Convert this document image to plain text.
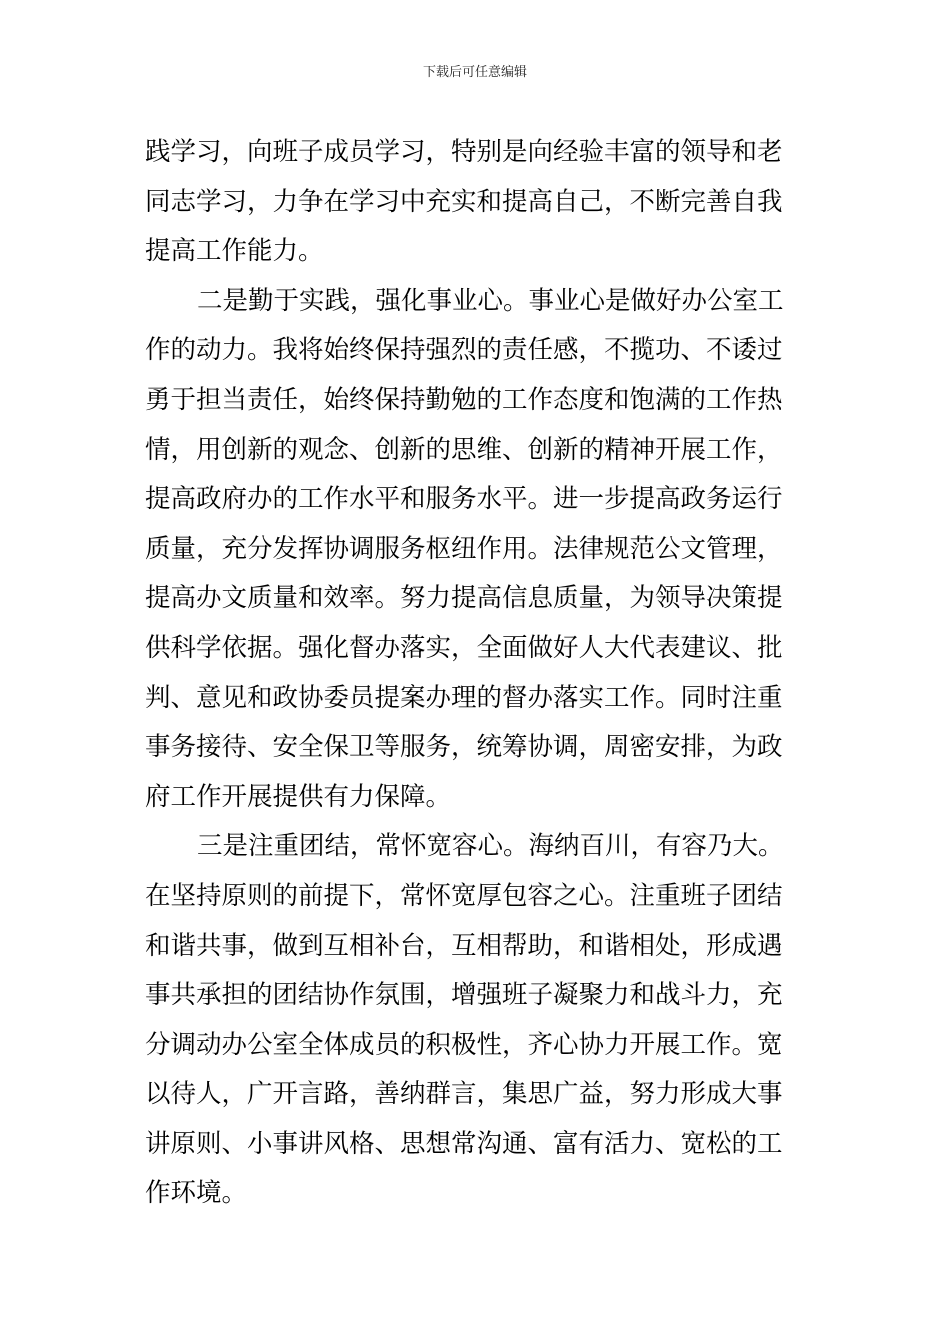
下载后可任意编辑
践学习，向班子成员学习，特别是向经验丰富的领导和老
同志学习，力争在学习中充实和提高自己，不断完善自我
提高工作能力。
二是勤于实践，强化事业心。事业心是做好办公室工
作的动力。我将始终保持强烈的责任感，不揽功、不诿过
勇于担当责任，始终保持勤勉的工作态度和饱满的工作热
情，用创新的观念、创新的思维、创新的精神开展工作，
提高政府办的工作水平和服务水平。进一步提高政务运行
质量，充分发挥协调服务枢纽作用。法律规范公文管理，
提高办文质量和效率。努力提高信息质量，为领导决策提
供科学依据。强化督办落实，全面做好人大代表建议、批
判、意见和政协委员提案办理的督办落实工作。同时注重
事务接待、安全保卫等服务，统筹协调，周密安排，为政
府工作开展提供有力保障。
三是注重团结，常怀宽容心。海纳百川，有容乃大。
在坚持原则的前提下，常怀宽厚包容之心。注重班子团结
和谐共事，做到互相补台，互相帮助，和谐相处，形成遇
事共承担的团结协作氛围，增强班子凝聚力和战斗力，充
分调动办公室全体成员的积极性，齐心协力开展工作。宽
以待人，广开言路，善纳群言，集思广益，努力形成大事
讲原则、小事讲风格、思想常沟通、富有活力、宽松的工
作环境。
